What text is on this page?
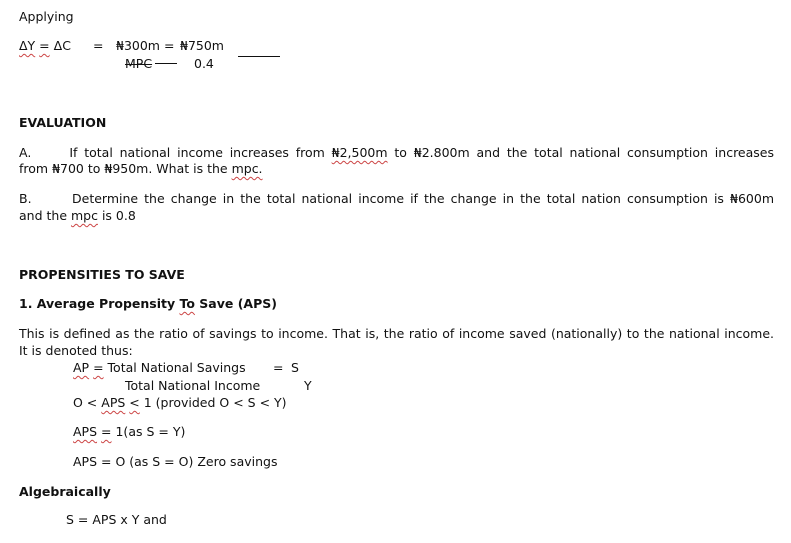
Applying
ΔY = ΔC = ₦300m = ₦750m
MPC	0.4
EVALUATION
A.	If total national income increases from ₦2,500m to ₦2.800m and the total national consumption increases
from ₦700 to ₦950m. What is the mpc.
B.	Determine the change in the total national income if the change in the total nation consumption is ₦600m
and the mpc is 0.8
PROPENSITIES TO SAVE
1. Average Propensity To Save (APS)
This is defined as the ratio of savings to income. That is, the ratio of income saved (nationally) to the national income.
It is denoted thus:
AP = Total National Savings = S
Total National Income	Y
O < APS < 1 (provided O < S < Y)
APS = 1(as S = Y)
APS = O (as S = O) Zero savings
Algebraically
S = APS x Y and
